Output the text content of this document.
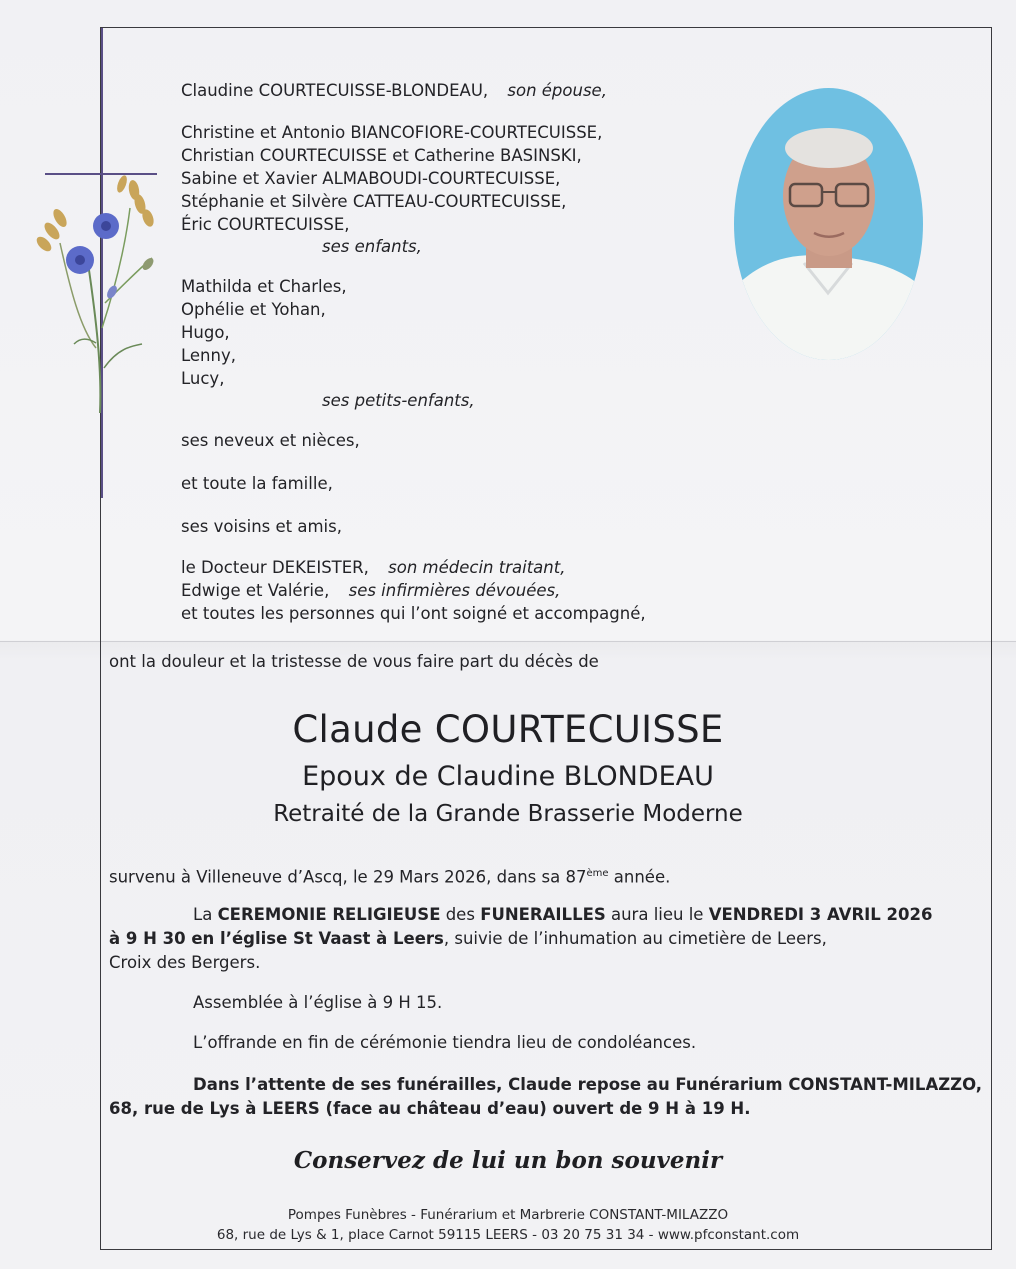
Claudine COURTECUISSE-BLONDEAU, son épouse,
Christine et Antonio BIANCOFIORE-COURTECUISSE,
Christian COURTECUISSE et Catherine BASINSKI,
Sabine et Xavier ALMABOUDI-COURTECUISSE,
Stéphanie et Silvère CATTEAU-COURTECUISSE,
Éric COURTECUISSE,
ses enfants,
Mathilda et Charles,
Ophélie et Yohan,
Hugo,
Lenny,
Lucy,
ses petits-enfants,
ses neveux et nièces,
et toute la famille,
ses voisins et amis,
le Docteur DEKEISTER, son médecin traitant,
Edwige et Valérie, ses infirmières dévouées,
et toutes les personnes qui l’ont soigné et accompagné,
ont la douleur et la tristesse de vous faire part du décès de
Claude COURTECUISSE
Epoux de Claudine BLONDEAU
Retraité de la Grande Brasserie Moderne
survenu à Villeneuve d’Ascq, le 29 Mars 2026, dans sa 87ème année.
La CEREMONIE RELIGIEUSE des FUNERAILLES aura lieu le VENDREDI 3 AVRIL 2026
à 9 H 30 en l’église St Vaast à Leers, suivie de l’inhumation au cimetière de Leers,
Croix des Bergers.
Assemblée à l’église à 9 H 15.
L’offrande en fin de cérémonie tiendra lieu de condoléances.
Dans l’attente de ses funérailles, Claude repose au Funérarium CONSTANT-MILAZZO,
68, rue de Lys à LEERS (face au château d’eau) ouvert de 9 H à 19 H.
Conservez de lui un bon souvenir
Pompes Funèbres - Funérarium et Marbrerie CONSTANT-MILAZZO
68, rue de Lys & 1, place Carnot 59115 LEERS - 03 20 75 31 34 - www.pfconstant.com
